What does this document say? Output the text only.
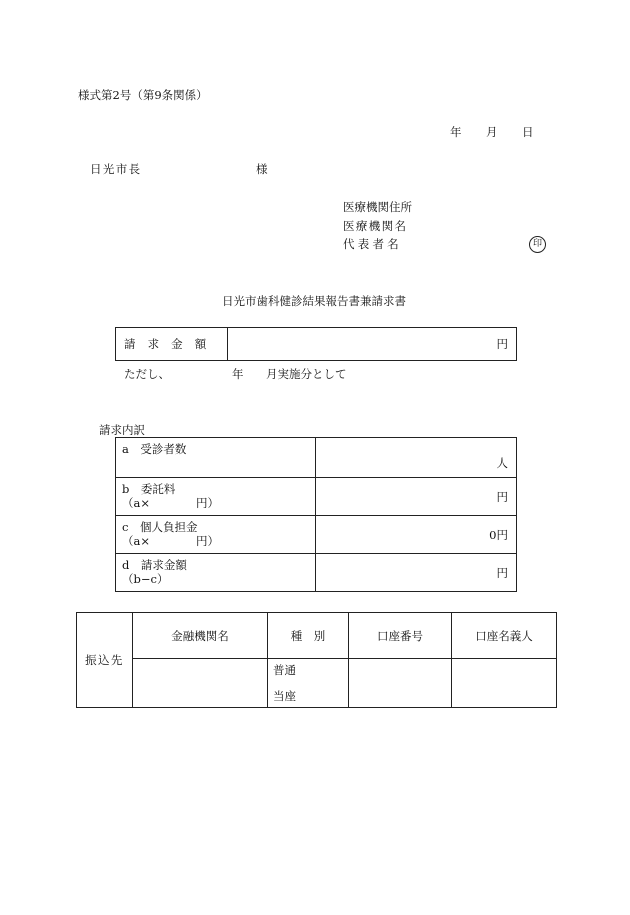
様式第2号（第9条関係）
年 月 日
日光市長	様
医療機関住所
医療機関名
代表者名	印
日光市歯科健診結果報告書兼請求書
請求金額	円
ただし、	年 月実施分として
請求内訳
a　受診者数	人

b　委託料
（a×　　　　円）	円

c　個人負担金
（a×　　　　円）	0円

d　請求金額
（b−c）	円
振込先	金融機関名	種　別	口座番号	口座名義人

		普通
当座		
